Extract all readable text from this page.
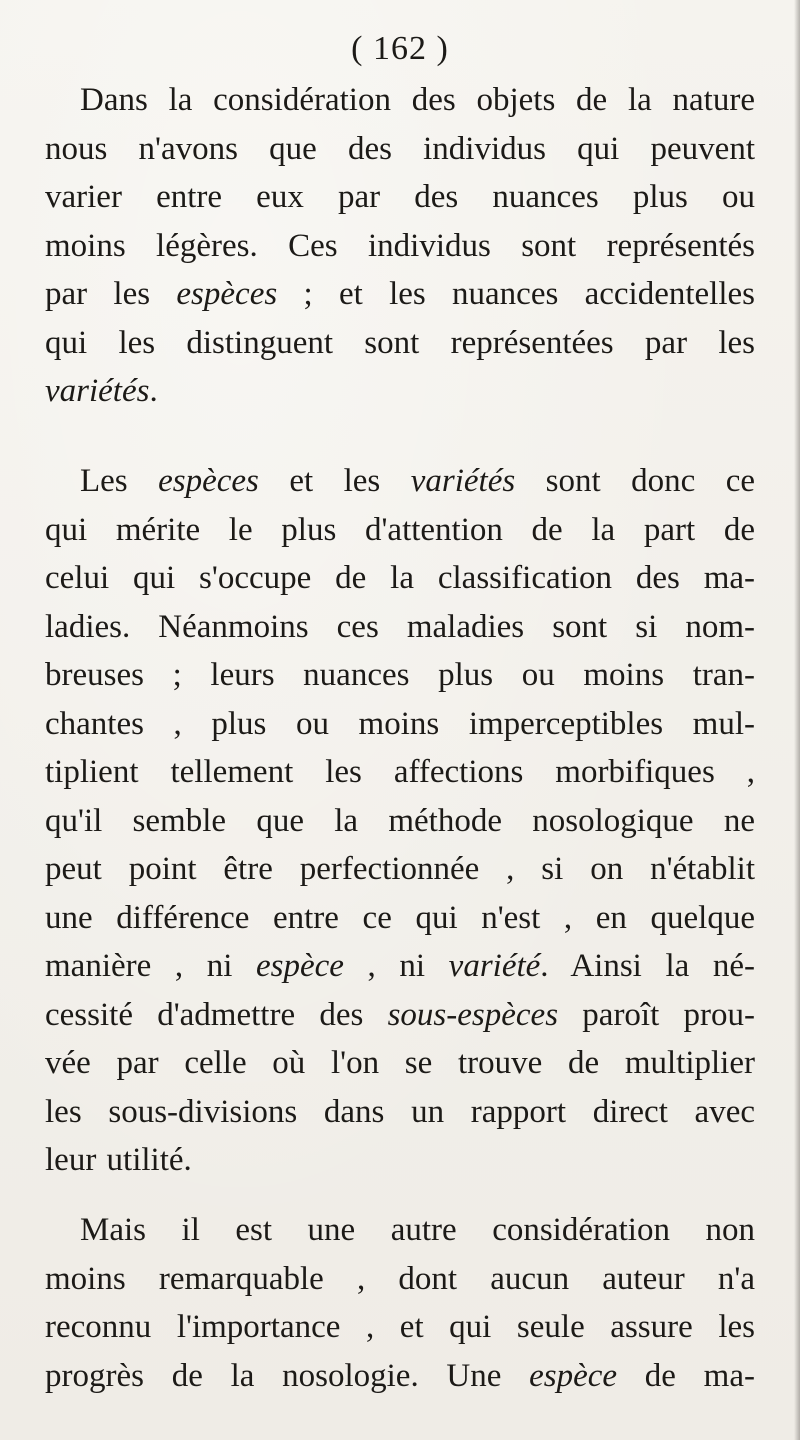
( 162 )
Dans la considération des objets de la nature
nous n'avons que des individus qui peuvent
varier entre eux par des nuances plus ou
moins légères. Ces individus sont représentés
par les espèces ; et les nuances accidentelles
qui les distinguent sont représentées par les
variétés.
Les espèces et les variétés sont donc ce
qui mérite le plus d'attention de la part de
celui qui s'occupe de la classification des ma-
ladies. Néanmoins ces maladies sont si nom-
breuses ; leurs nuances plus ou moins tran-
chantes , plus ou moins imperceptibles mul-
tiplient tellement les affections morbifiques ,
qu'il semble que la méthode nosologique ne
peut point être perfectionnée , si on n'établit
une différence entre ce qui n'est , en quelque
manière , ni espèce , ni variété. Ainsi la né-
cessité d'admettre des sous-espèces paroît prou-
vée par celle où l'on se trouve de multiplier
les sous-divisions dans un rapport direct avec
leur utilité.
Mais il est une autre considération non
moins remarquable , dont aucun auteur n'a
reconnu l'importance , et qui seule assure les
progrès de la nosologie. Une espèce de ma-
